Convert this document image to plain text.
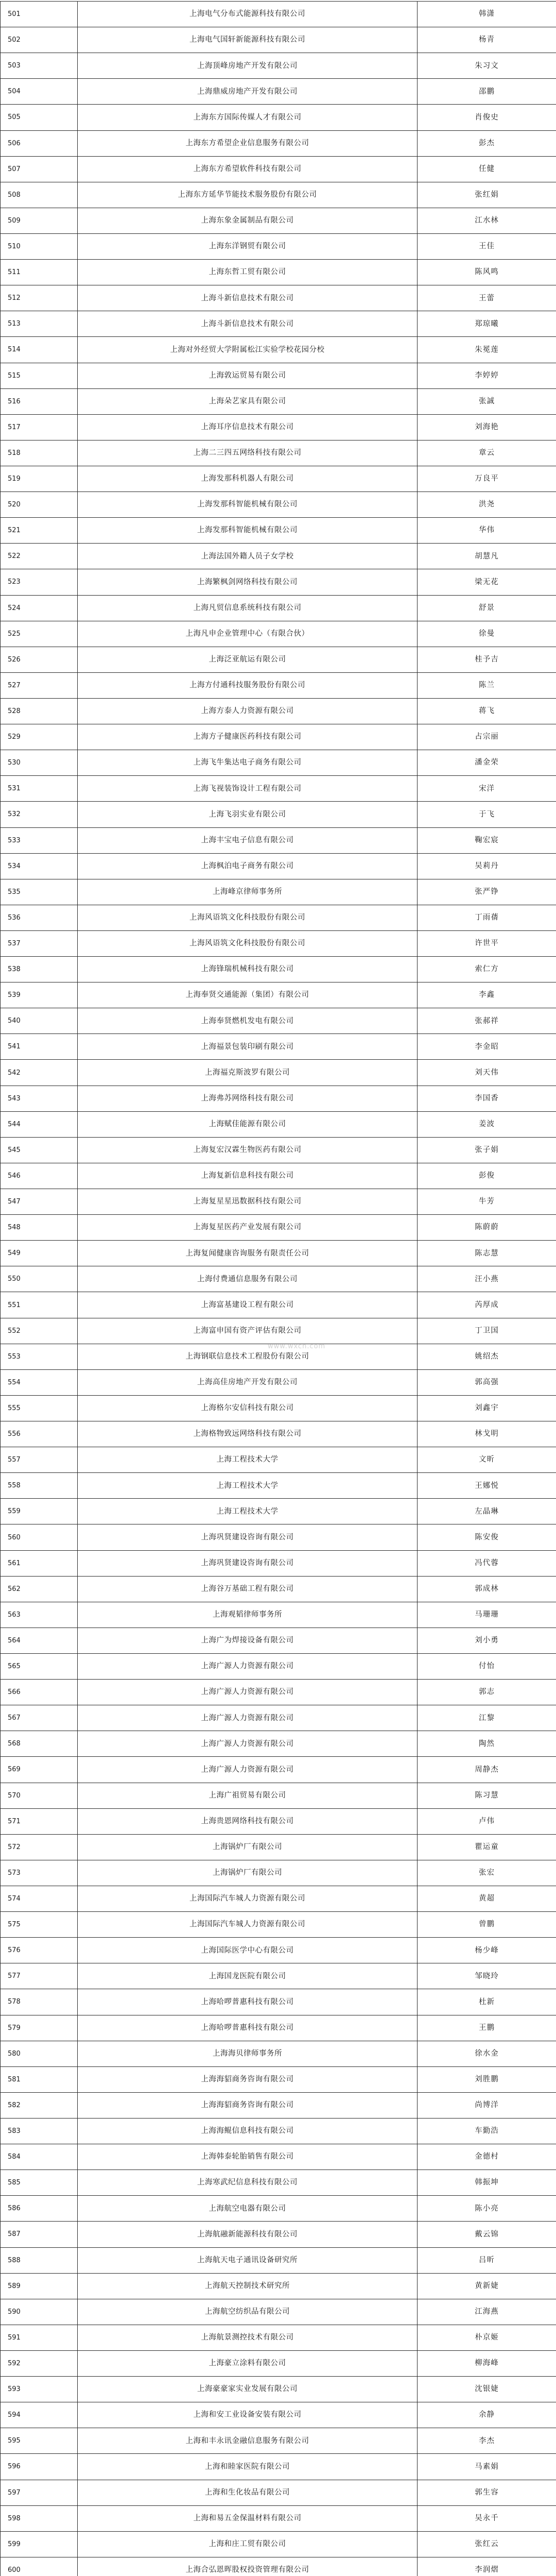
501	上海电气分布式能源科技有限公司	韩潇
502	上海电气国轩新能源科技有限公司	杨青
503	上海顶峰房地产开发有限公司	朱习文
504	上海鼎威房地产开发有限公司	邵鹏
505	上海东方国际传媒人才有限公司	肖俊史
506	上海东方希望企业信息服务有限公司	彭杰
507	上海东方希望软件科技有限公司	任健
508	上海东方延华节能技术服务股份有限公司	张红娟
509	上海东象金属制品有限公司	江水林
510	上海东洋钢贸有限公司	王佳
511	上海东哲工贸有限公司	陈风鸣
512	上海斗新信息技术有限公司	王蕾
513	上海斗新信息技术有限公司	郑琼曦
514	上海对外经贸大学附属松江实验学校花园分校	朱冕莲
515	上海敦运贸易有限公司	李婷婷
516	上海朵艺家具有限公司	张誠
517	上海耳序信息技术有限公司	刘海艳
518	上海二三四五网络科技有限公司	章云
519	上海发那科机器人有限公司	万良平
520	上海发那科智能机械有限公司	洪尧
521	上海发那科智能机械有限公司	华伟
522	上海法国外籍人员子女学校	胡慧凡
523	上海繁枫剑网络科技有限公司	梁无花
524	上海凡贸信息系统科技有限公司	舒景
525	上海凡申企业管理中心（有限合伙）	徐曼
526	上海泛亚航运有限公司	桂予吉
527	上海方付通科技服务股份有限公司	陈兰
528	上海方泰人力资源有限公司	蒋飞
529	上海方子健康医药科技有限公司	占宗丽
530	上海飞牛集达电子商务有限公司	潘金荣
531	上海飞视装饰设计工程有限公司	宋洋
532	上海飞羽实业有限公司	于飞
533	上海丰宝电子信息有限公司	鞠宏宸
534	上海枫泊电子商务有限公司	吴莉丹
535	上海峰京律师事务所	张严铮
536	上海风语筑文化科技股份有限公司	丁雨蒨
537	上海风语筑文化科技股份有限公司	许世平
538	上海锋瑞机械科技有限公司	索仁方
539	上海奉贤交通能源（集团）有限公司	李鑫
540	上海奉贤燃机发电有限公司	张郝祥
541	上海福景包装印刷有限公司	李金昭
542	上海福克斯波罗有限公司	刘天伟
543	上海弗苏网络科技有限公司	李国香
544	上海赋佳能源有限公司	姜波
545	上海复宏汉霖生物医药有限公司	张子娟
546	上海复新信息科技有限公司	彭俊
547	上海复星星迅数据科技有限公司	牛芳
548	上海复星医药产业发展有限公司	陈蔚蔚
549	上海复闻健康咨询服务有限责任公司	陈志慧
550	上海付费通信息服务有限公司	汪小燕
551	上海富基建设工程有限公司	芮厚成
552	上海富申国有资产评估有限公司	丁卫国
553	上海钢联信息技术工程股份有限公司	姚绍杰
554	上海高佳房地产开发有限公司	郭高强
555	上海格尔安信科技有限公司	刘鑫宇
556	上海格物致远网络科技有限公司	林戈明
557	上海工程技术大学	文昕
558	上海工程技术大学	王娜悦
559	上海工程技术大学	左晶琳
560	上海巩贤建设咨询有限公司	陈安俊
561	上海巩贤建设咨询有限公司	冯代蓉
562	上海谷万基础工程有限公司	郭成林
563	上海观韬律师事务所	马珊珊
564	上海广为焊接设备有限公司	刘小勇
565	上海广源人力资源有限公司	付怡
566	上海广源人力资源有限公司	郭志
567	上海广源人力资源有限公司	江黎
568	上海广源人力资源有限公司	陶然
569	上海广源人力资源有限公司	周静杰
570	上海广祖贸易有限公司	陈习慧
571	上海贵恩网络科技有限公司	卢伟
572	上海锅炉厂有限公司	瞿运童
573	上海锅炉厂有限公司	张宏
574	上海国际汽车城人力资源有限公司	黄超
575	上海国际汽车城人力资源有限公司	曾鹏
576	上海国际医学中心有限公司	杨少峰
577	上海国龙医院有限公司	邹晓玲
578	上海哈啰普惠科技有限公司	杜新
579	上海哈啰普惠科技有限公司	王鹏
580	上海海贝律师事务所	徐水金
581	上海海貂商务咨询有限公司	刘胜鹏
582	上海海貂商务咨询有限公司	尚博洋
583	上海海鲲信息科技有限公司	车勤浩
584	上海韩泰轮胎销售有限公司	金德村
585	上海寒武纪信息科技有限公司	韩振坤
586	上海航空电器有限公司	陈小亮
587	上海航融新能源科技有限公司	戴云锦
588	上海航天电子通讯设备研究所	吕昕
589	上海航天控制技术研究所	黄新婕
590	上海航空纺织品有限公司	江海燕
591	上海航景测控技术有限公司	朴京姬
592	上海豪立涂料有限公司	柳海峰
593	上海豪豪家实业发展有限公司	沈银婕
594	上海和安工业设备安装有限公司	余静
595	上海和丰永讯金融信息服务有限公司	李杰
596	上海和睦家医院有限公司	马素娟
597	上海和生化妆品有限公司	郭生容
598	上海和易五金保温材料有限公司	吴永千
599	上海和庄工贸有限公司	张红云
600	上海合弘恩晖股权投资管理有限公司	李润熠
www.wxcn.com
